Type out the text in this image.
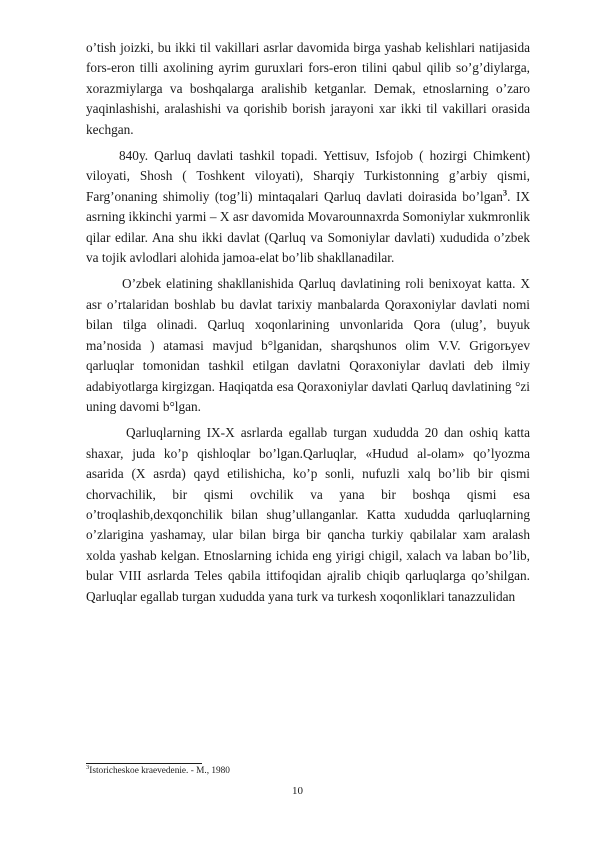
o’tish joizki, bu ikki til vakillari asrlar davomida birga yashab kelishlari natijasida fors-eron tilli axolining ayrim guruxlari fors-eron tilini qabul qilib so’g’diylarga, xorazmiylarga va boshqalarga aralishib ketganlar. Demak, etnoslarning o’zaro yaqinlashishi, aralashishi va qorishib borish jarayoni xar ikki til vakillari orasida kechgan.

840y. Qarluq davlati tashkil topadi. Yettisuv, Isfojob ( hozirgi Chimkent) viloyati, Shosh ( Toshkent viloyati), Sharqiy Turkistonning g’arbiy qismi, Farg’onaning shimoliy (tog’li) mintaqalari Qarluq davlati doirasida bo’lgan$^3$. IX asrning ikkinchi yarmi – X asr davomida Movarounnaxrda Somoniylar xukmronlik qilar edilar. Ana shu ikki davlat (Qarluq va Somoniylar davlati) xududida o’zbek va tojik avlodlari alohida jamoa-elat bo’lib shakllanadilar.

O’zbek elatining shakllanishida Qarluq davlatining roli benixoyat katta. X asr o’rtalaridan boshlab bu davlat tarixiy manbalarda Qoraxoniylar davlati nomi bilan tilga olinadi. Qarluq xoqonlarining unvonlarida Qora (ulug’, buyuk ma’nosida ) atamasi mavjud b°lganidan, sharqshunos olim V.V. Grigorьyev qarluqlar tomonidan tashkil etilgan davlatni Qoraxoniylar davlati deb ilmiy adabiyotlarga kirgizgan. Haqiqatda esa Qoraxoniylar davlati Qarluq davlatining °zi uning davomi b°lgan.

Qarluqlarning IX-X asrlarda egallab turgan xududda 20 dan oshiq katta shaxar, juda ko’p qishloqlar bo’lgan.Qarluqlar, «Hudud al-olam» qo’lyozma asarida (X asrda) qayd etilishicha, ko’p sonli, nufuzli xalq bo’lib bir qismi chorvachilik, bir qismi ovchilik va yana bir boshqa qismi esa o’troqlashib,dexqonchilik bilan shug’ullanganlar. Katta xududda qarluqlarning o’zlarigina yashamay, ular bilan birga bir qancha turkiy qabilalar xam aralash xolda yashab kelgan. Etnoslarning ichida eng yirigi chigil, xalach va laban bo’lib, bular VIII asrlarda Teles qabila ittifoqidan ajralib chiqib qarluqlarga qo’shilgan. Qarluqlar egallab turgan xududda yana turk va turkesh xoqonliklari tanazzulidan

$^3$Istoricheskoe kraevedenie. - M., 1980
10
